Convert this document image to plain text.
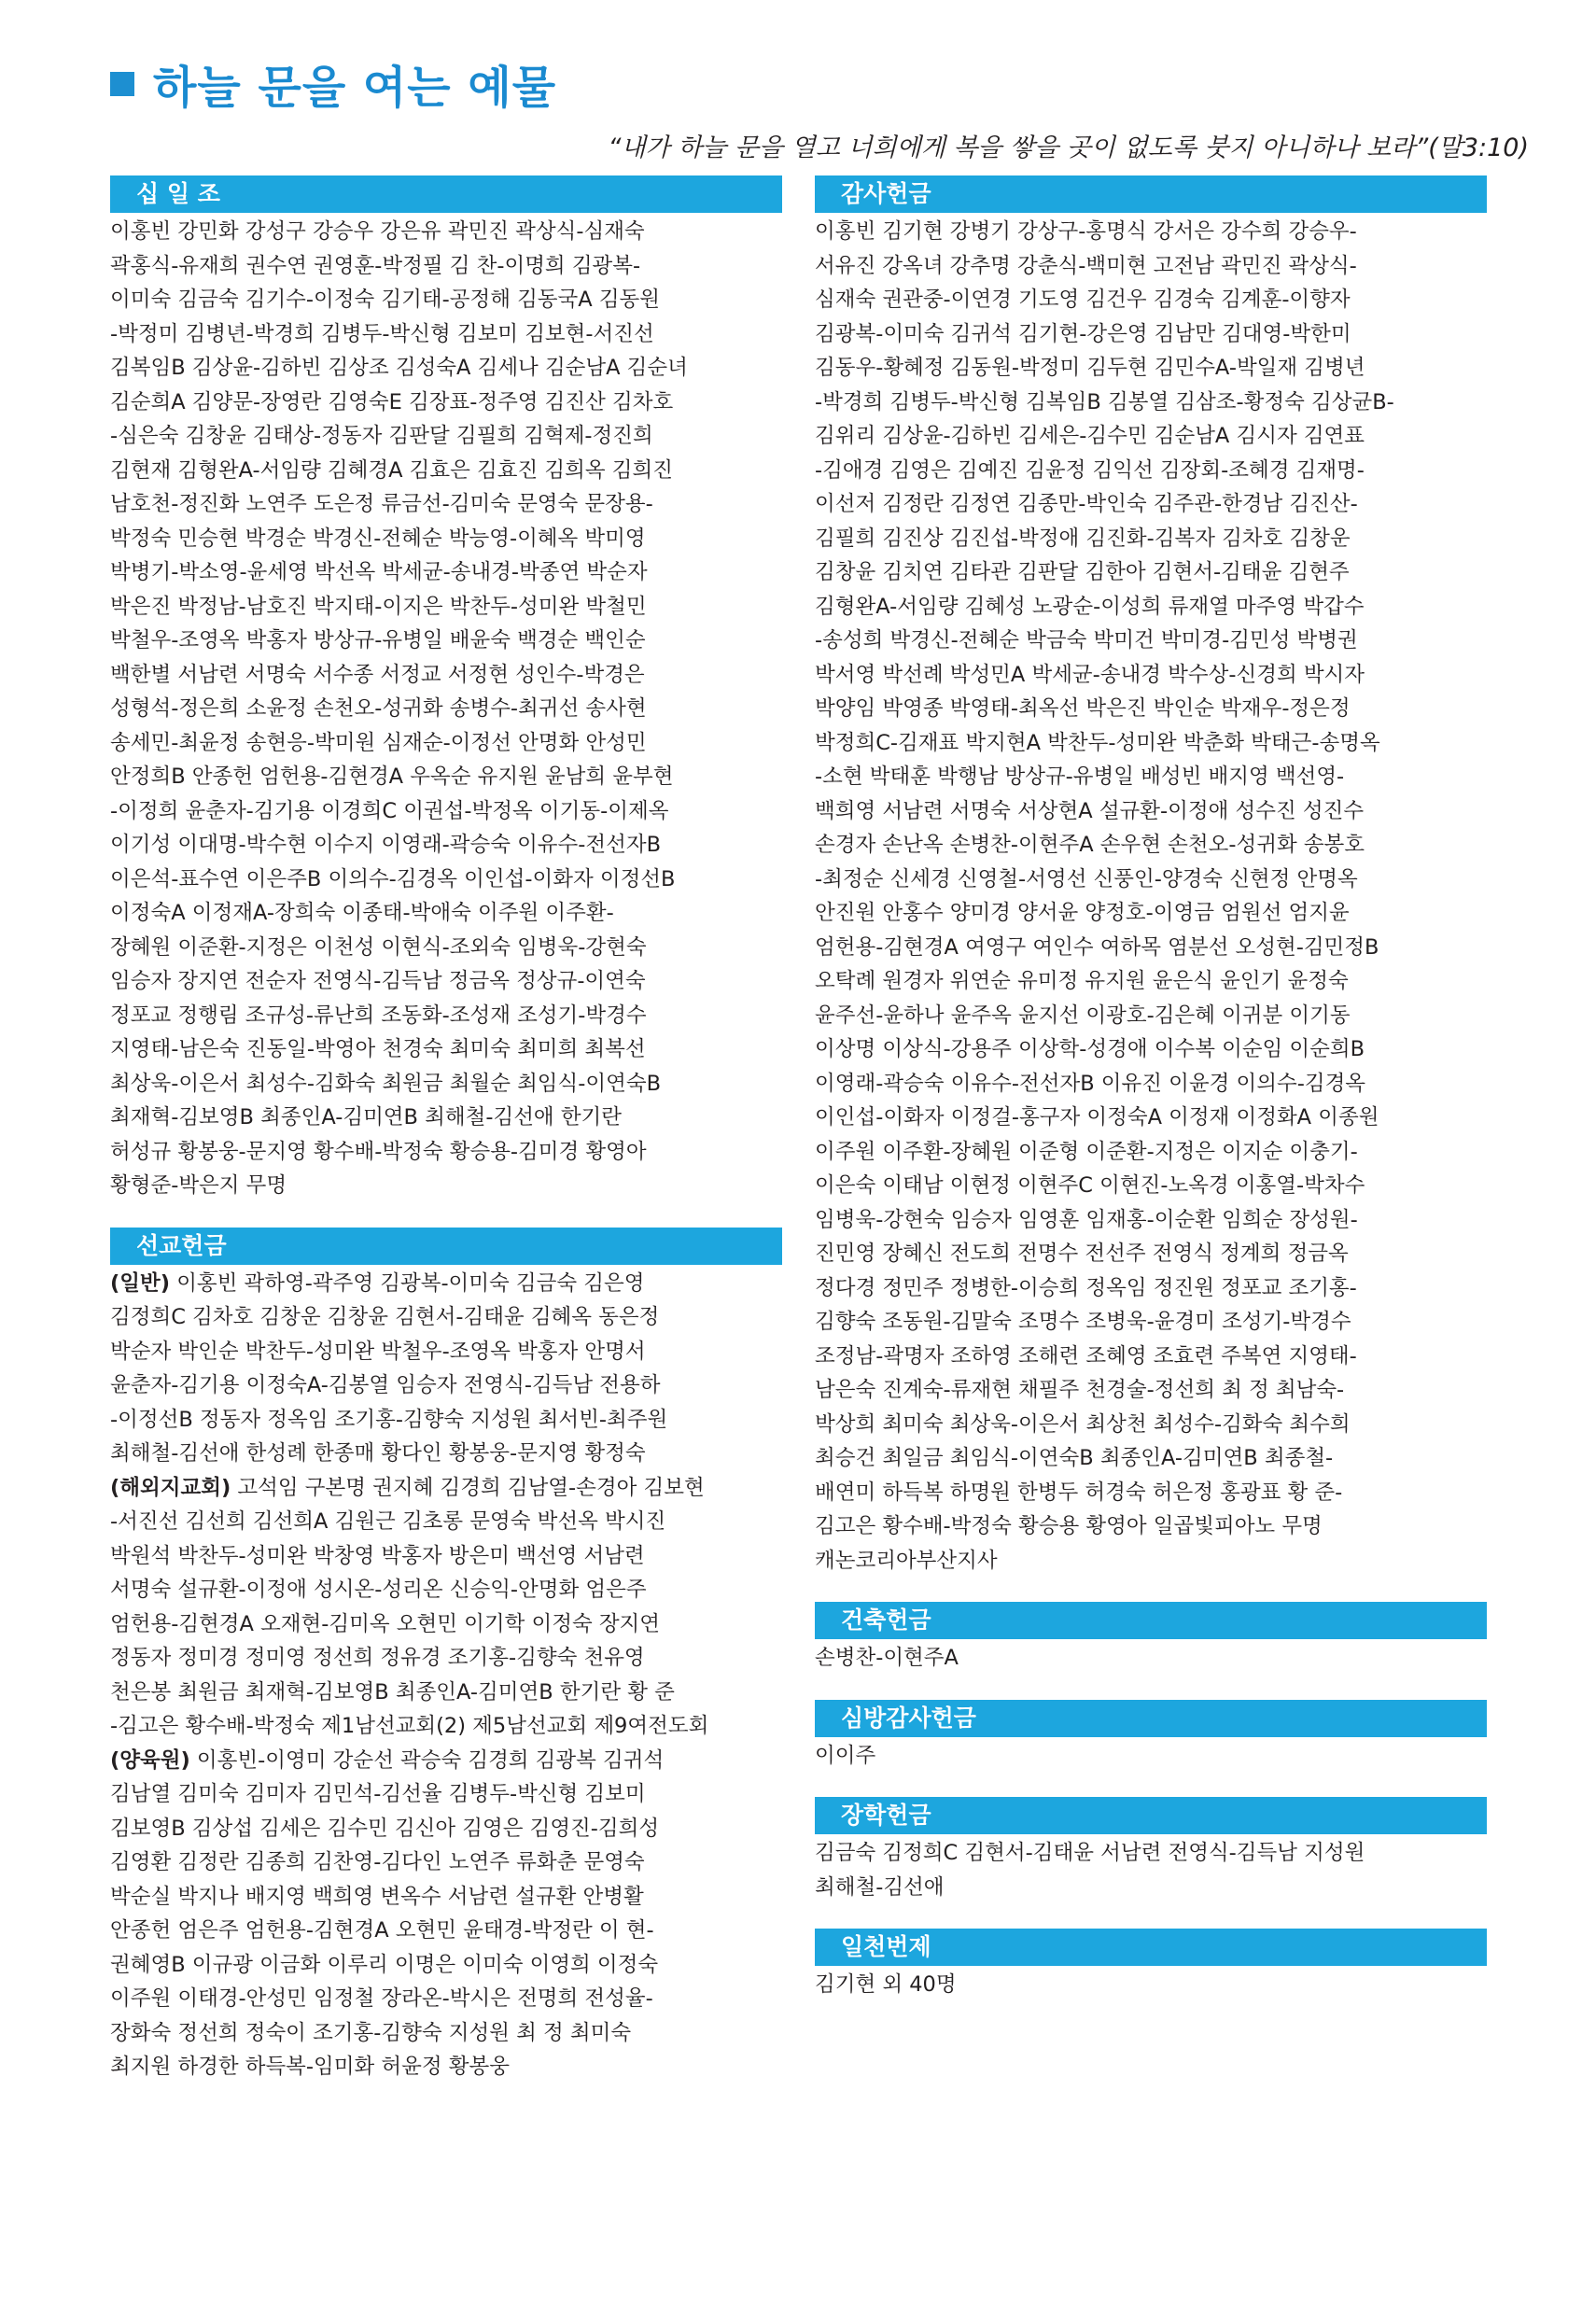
하늘 문을 여는 예물
“내가 하늘 문을 열고 너희에게 복을 쌓을 곳이 없도록 붓지 아니하나 보라”(말3:10)
십 일 조
이홍빈 강민화 강성구 강승우 강은유 곽민진 곽상식-심재숙
곽홍식-유재희 권수연 권영훈-박정필 김 찬-이명희 김광복-
이미숙 김금숙 김기수-이정숙 김기태-공정해 김동국A 김동원
-박정미 김병년-박경희 김병두-박신형 김보미 김보현-서진선
김복임B 김상윤-김하빈 김상조 김성숙A 김세나 김순남A 김순녀
김순희A 김양문-장영란 김영숙E 김장표-정주영 김진산 김차호
-심은숙 김창윤 김태상-정동자 김판달 김필희 김혁제-정진희
김현재 김형완A-서임량 김혜경A 김효은 김효진 김희옥 김희진
남호천-정진화 노연주 도은정 류금선-김미숙 문영숙 문장용-
박정숙 민승현 박경순 박경신-전혜순 박능영-이혜옥 박미영
박병기-박소영-윤세영 박선옥 박세균-송내경-박종연 박순자
박은진 박정남-남호진 박지태-이지은 박찬두-성미완 박철민
박철우-조영옥 박홍자 방상규-유병일 배윤숙 백경순 백인순
백한별 서남련 서명숙 서수종 서정교 서정현 성인수-박경은
성형석-정은희 소윤정 손천오-성귀화 송병수-최귀선 송사현
송세민-최윤정 송현응-박미원 심재순-이정선 안명화 안성민
안정희B 안종헌 엄헌용-김현경A 우옥순 유지원 윤남희 윤부현
-이정희 윤춘자-김기용 이경희C 이권섭-박정옥 이기동-이제옥
이기성 이대명-박수현 이수지 이영래-곽승숙 이유수-전선자B
이은석-표수연 이은주B 이의수-김경옥 이인섭-이화자 이정선B
이정숙A 이정재A-장희숙 이종태-박애숙 이주원 이주환-
장혜원 이준환-지정은 이천성 이현식-조외숙 임병욱-강현숙
임승자 장지연 전순자 전영식-김득남 정금옥 정상규-이연숙
정포교 정행림 조규성-류난희 조동화-조성재 조성기-박경수
지영태-남은숙 진동일-박영아 천경숙 최미숙 최미희 최복선
최상욱-이은서 최성수-김화숙 최원금 최월순 최임식-이연숙B
최재혁-김보영B 최종인A-김미연B 최해철-김선애 한기란
허성규 황봉웅-문지영 황수배-박정숙 황승용-김미경 황영아
황형준-박은지 무명
선교헌금
(일반) 이홍빈 곽하영-곽주영 김광복-이미숙 김금숙 김은영
김정희C 김차호 김창운 김창윤 김현서-김태윤 김혜옥 동은정
박순자 박인순 박찬두-성미완 박철우-조영옥 박홍자 안명서
윤춘자-김기용 이정숙A-김봉열 임승자 전영식-김득남 전용하
-이정선B 정동자 정옥임 조기홍-김향숙 지성원 최서빈-최주원
최해철-김선애 한성례 한종매 황다인 황봉웅-문지영 황정숙
(해외지교회) 고석임 구본명 권지혜 김경희 김남열-손경아 김보현
-서진선 김선희 김선희A 김원근 김초롱 문영숙 박선옥 박시진
박원석 박찬두-성미완 박창영 박홍자 방은미 백선영 서남련
서명숙 설규환-이정애 성시온-성리온 신승익-안명화 엄은주
엄헌용-김현경A 오재현-김미옥 오현민 이기학 이정숙 장지연
정동자 정미경 정미영 정선희 정유경 조기홍-김향숙 천유영
천은봉 최원금 최재혁-김보영B 최종인A-김미연B 한기란 황 준
-김고은 황수배-박정숙 제1남선교회(2) 제5남선교회 제9여전도회
(양육원) 이홍빈-이영미 강순선 곽승숙 김경희 김광복 김귀석
김남열 김미숙 김미자 김민석-김선율 김병두-박신형 김보미
김보영B 김상섭 김세은 김수민 김신아 김영은 김영진-김희성
김영환 김정란 김종희 김찬영-김다인 노연주 류화춘 문영숙
박순실 박지나 배지영 백희영 변옥수 서남련 설규환 안병활
안종헌 엄은주 엄헌용-김현경A 오현민 윤태경-박정란 이 현-
권혜영B 이규광 이금화 이루리 이명은 이미숙 이영희 이정숙
이주원 이태경-안성민 임정철 장라온-박시은 전명희 전성율-
장화숙 정선희 정숙이 조기홍-김향숙 지성원 최 정 최미숙
최지원 하경한 하득복-임미화 허윤정 황봉웅
감사헌금
이홍빈 김기현 강병기 강상구-홍명식 강서은 강수희 강승우-
서유진 강옥녀 강추명 강춘식-백미현 고전남 곽민진 곽상식-
심재숙 권관중-이연경 기도영 김건우 김경숙 김계훈-이향자
김광복-이미숙 김귀석 김기현-강은영 김남만 김대영-박한미
김동우-황혜정 김동원-박정미 김두현 김민수A-박일재 김병년
-박경희 김병두-박신형 김복임B 김봉열 김삼조-황정숙 김상균B-
김위리 김상윤-김하빈 김세은-김수민 김순남A 김시자 김연표
-김애경 김영은 김예진 김윤정 김익선 김장회-조혜경 김재명-
이선저 김정란 김정연 김종만-박인숙 김주관-한경남 김진산-
김필희 김진상 김진섭-박정애 김진화-김복자 김차호 김창운
김창윤 김치연 김타관 김판달 김한아 김현서-김태윤 김현주
김형완A-서임량 김혜성 노광순-이성희 류재열 마주영 박갑수
-송성희 박경신-전혜순 박금숙 박미건 박미경-김민성 박병권
박서영 박선례 박성민A 박세균-송내경 박수상-신경희 박시자
박양임 박영종 박영태-최옥선 박은진 박인순 박재우-정은정
박정희C-김재표 박지현A 박찬두-성미완 박춘화 박태근-송명옥
-소현 박태훈 박행남 방상규-유병일 배성빈 배지영 백선영-
백희영 서남련 서명숙 서상현A 설규환-이정애 성수진 성진수
손경자 손난옥 손병찬-이현주A 손우현 손천오-성귀화 송봉호
-최정순 신세경 신영철-서영선 신풍인-양경숙 신현정 안명옥
안진원 안홍수 양미경 양서윤 양정호-이영금 엄원선 엄지윤
엄헌용-김현경A 여영구 여인수 여하목 염분선 오성현-김민정B
오탁례 원경자 위연순 유미정 유지원 윤은식 윤인기 윤정숙
윤주선-윤하나 윤주옥 윤지선 이광호-김은혜 이귀분 이기동
이상명 이상식-강용주 이상학-성경애 이수복 이순임 이순희B
이영래-곽승숙 이유수-전선자B 이유진 이윤경 이의수-김경옥
이인섭-이화자 이정걸-홍구자 이정숙A 이정재 이정화A 이종원
이주원 이주환-장혜원 이준형 이준환-지정은 이지순 이충기-
이은숙 이태남 이현정 이현주C 이현진-노옥경 이홍열-박차수
임병욱-강현숙 임승자 임영훈 임재홍-이순환 임희순 장성원-
진민영 장혜신 전도희 전명수 전선주 전영식 정계희 정금옥
정다경 정민주 정병한-이승희 정옥임 정진원 정포교 조기홍-
김향숙 조동원-김말숙 조명수 조병욱-윤경미 조성기-박경수
조정남-곽명자 조하영 조해련 조혜영 조효련 주복연 지영태-
남은숙 진계숙-류재현 채필주 천경술-정선희 최 정 최남숙-
박상희 최미숙 최상욱-이은서 최상천 최성수-김화숙 최수희
최승건 최일금 최임식-이연숙B 최종인A-김미연B 최종철-
배연미 하득복 하명원 한병두 허경숙 허은정 홍광표 황 준-
김고은 황수배-박정숙 황승용 황영아 일곱빛피아노 무명
캐논코리아부산지사
건축헌금
손병찬-이현주A
심방감사헌금
이이주
장학헌금
김금숙 김정희C 김현서-김태윤 서남련 전영식-김득남 지성원
최해철-김선애
일천번제
김기현 외 40명
